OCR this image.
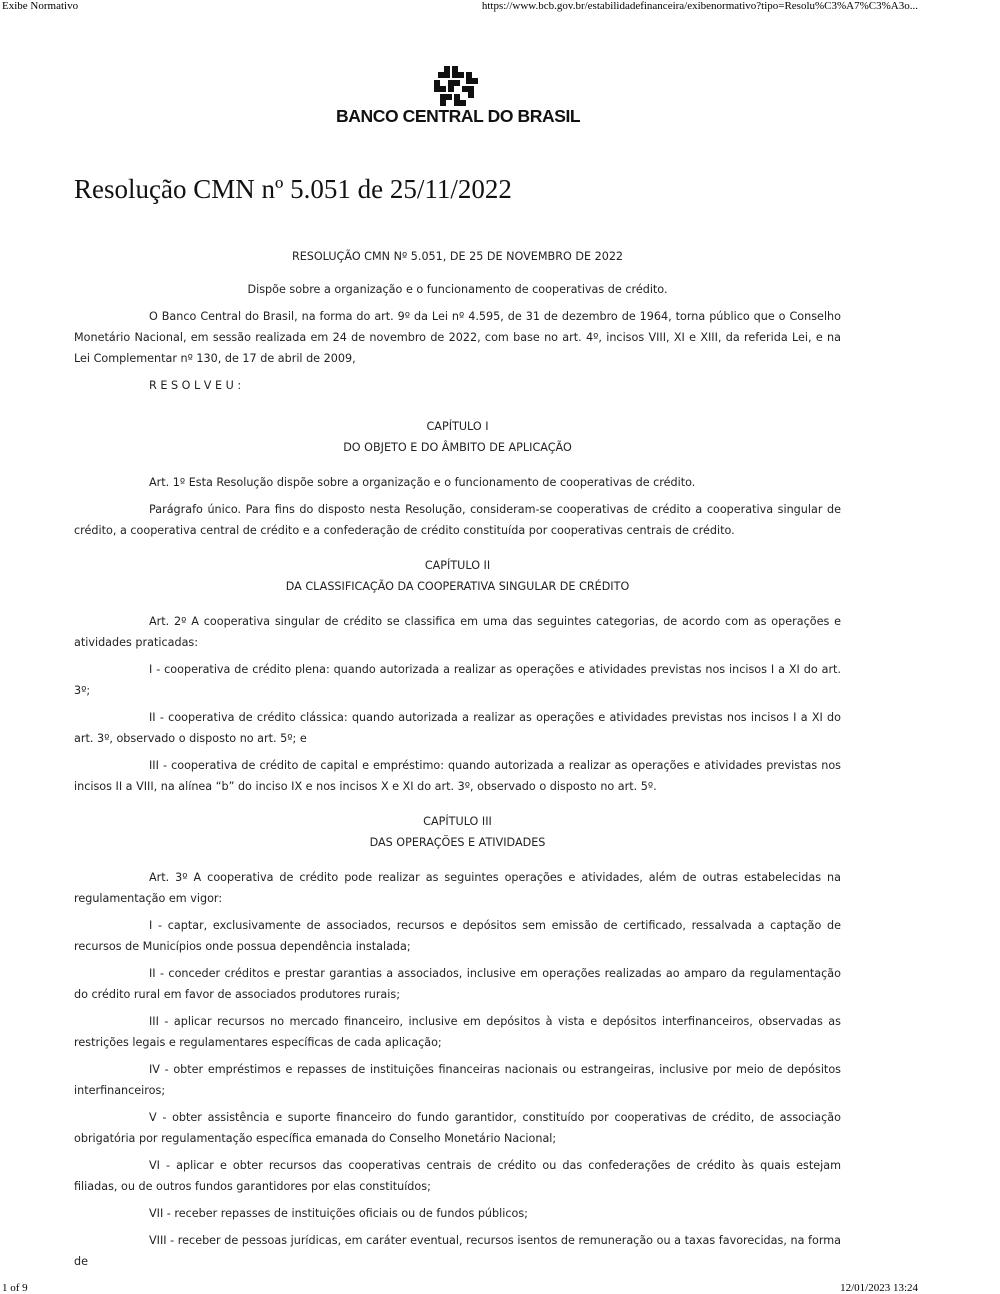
Exibe Normativo	https://www.bcb.gov.br/estabilidadefinanceira/exibenormativo?tipo=Resolu%C3%A7%C3%A3o...
BANCO CENTRAL DO BRASIL
Resolução CMN nº 5.051 de 25/11/2022

RESOLUÇÃO CMN Nº 5.051, DE 25 DE NOVEMBRO DE 2022

Dispõe sobre a organização e o funcionamento de cooperativas de crédito.

O Banco Central do Brasil, na forma do art. 9º da Lei nº 4.595, de 31 de dezembro de 1964, torna público que o Conselho Monetário Nacional, em sessão realizada em 24 de novembro de 2022, com base no art. 4º, incisos VIII, XI e XIII, da referida Lei, e na Lei Complementar nº 130, de 17 de abril de 2009,

R E S O L V E U :

CAPÍTULO I

DO OBJETO E DO ÂMBITO DE APLICAÇÃO

Art. 1º Esta Resolução dispõe sobre a organização e o funcionamento de cooperativas de crédito.

Parágrafo único. Para fins do disposto nesta Resolução, consideram-se cooperativas de crédito a cooperativa singular de crédito, a cooperativa central de crédito e a confederação de crédito constituída por cooperativas centrais de crédito.

CAPÍTULO II

DA CLASSIFICAÇÃO DA COOPERATIVA SINGULAR DE CRÉDITO

Art. 2º A cooperativa singular de crédito se classifica em uma das seguintes categorias, de acordo com as operações e atividades praticadas:

I - cooperativa de crédito plena: quando autorizada a realizar as operações e atividades previstas nos incisos I a XI do art. 3º;

II - cooperativa de crédito clássica: quando autorizada a realizar as operações e atividades previstas nos incisos I a XI do art. 3º, observado o disposto no art. 5º; e

III - cooperativa de crédito de capital e empréstimo: quando autorizada a realizar as operações e atividades previstas nos incisos II a VIII, na alínea “b” do inciso IX e nos incisos X e XI do art. 3º, observado o disposto no art. 5º.

CAPÍTULO III

DAS OPERAÇÕES E ATIVIDADES

Art. 3º A cooperativa de crédito pode realizar as seguintes operações e atividades, além de outras estabelecidas na regulamentação em vigor:

I - captar, exclusivamente de associados, recursos e depósitos sem emissão de certificado, ressalvada a captação de recursos de Municípios onde possua dependência instalada;

II - conceder créditos e prestar garantias a associados, inclusive em operações realizadas ao amparo da regulamentação do crédito rural em favor de associados produtores rurais;

III - aplicar recursos no mercado financeiro, inclusive em depósitos à vista e depósitos interfinanceiros, observadas as restrições legais e regulamentares específicas de cada aplicação;

IV - obter empréstimos e repasses de instituições financeiras nacionais ou estrangeiras, inclusive por meio de depósitos interfinanceiros;

V - obter assistência e suporte financeiro do fundo garantidor, constituído por cooperativas de crédito, de associação obrigatória por regulamentação específica emanada do Conselho Monetário Nacional;

VI - aplicar e obter recursos das cooperativas centrais de crédito ou das confederações de crédito às quais estejam filiadas, ou de outros fundos garantidores por elas constituídos;

VII - receber repasses de instituições oficiais ou de fundos públicos;

VIII - receber de pessoas jurídicas, em caráter eventual, recursos isentos de remuneração ou a taxas favorecidas, na forma de

1 of 9	12/01/2023 13:24
